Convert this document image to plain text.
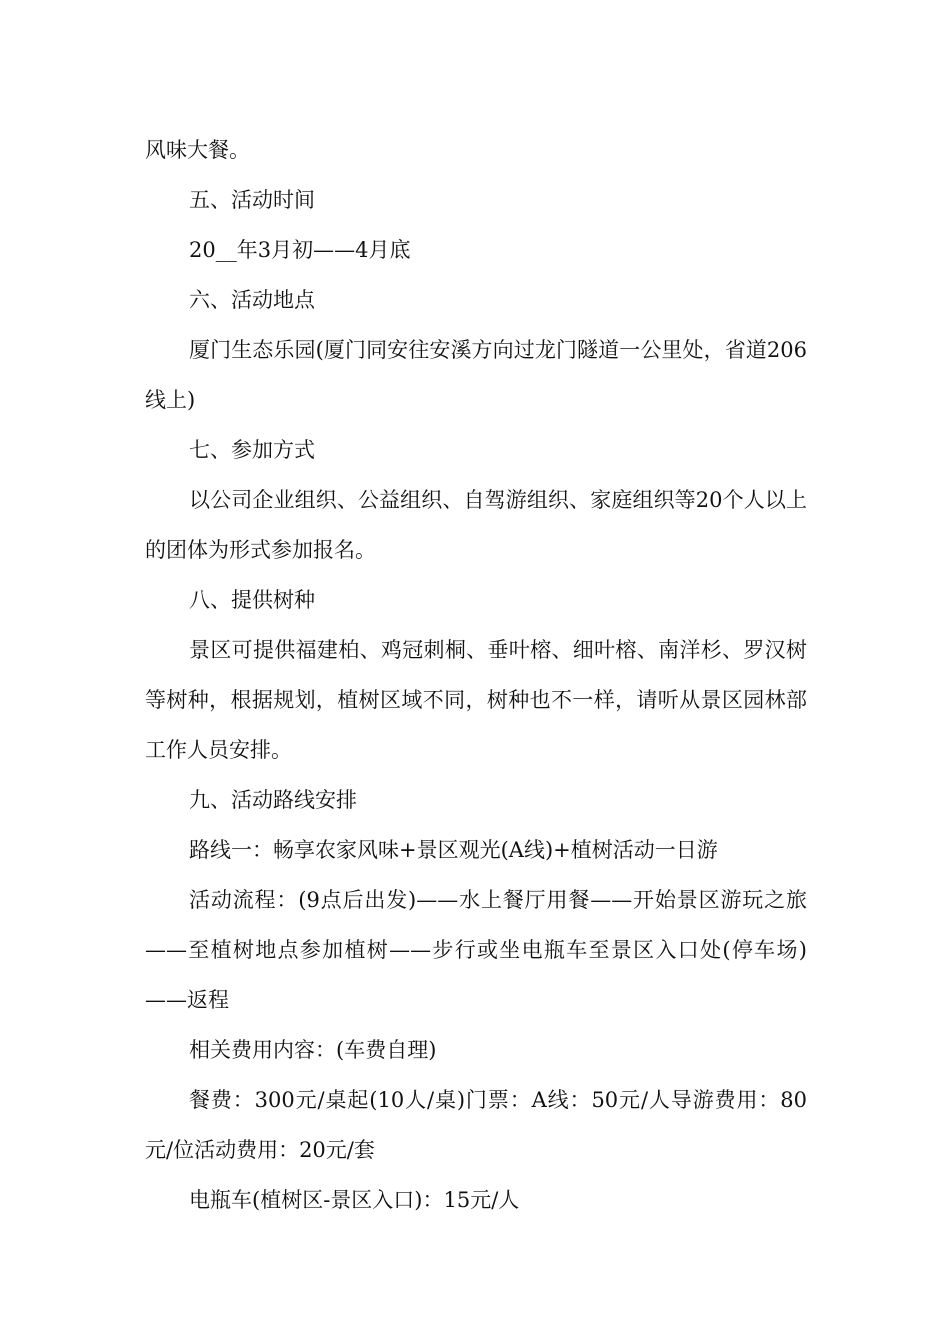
风味大餐。

五、活动时间

20__年3月初——4月底

六、活动地点

厦门生态乐园(厦门同安往安溪方向过龙门隧道一公里处，省道206线上)

七、参加方式

以公司企业组织、公益组织、自驾游组织、家庭组织等20个人以上的团体为形式参加报名。

八、提供树种

景区可提供福建柏、鸡冠刺桐、垂叶榕、细叶榕、南洋杉、罗汉树等树种，根据规划，植树区域不同，树种也不一样，请听从景区园林部工作人员安排。

九、活动路线安排

路线一：畅享农家风味+景区观光(A线)+植树活动一日游

活动流程：(9点后出发)——水上餐厅用餐——开始景区游玩之旅——至植树地点参加植树——步行或坐电瓶车至景区入口处(停车场)——返程

相关费用内容：(车费自理)

餐费：300元/桌起(10人/桌)门票：A线：50元/人导游费用：80元/位活动费用：20元/套

电瓶车(植树区-景区入口)：15元/人
